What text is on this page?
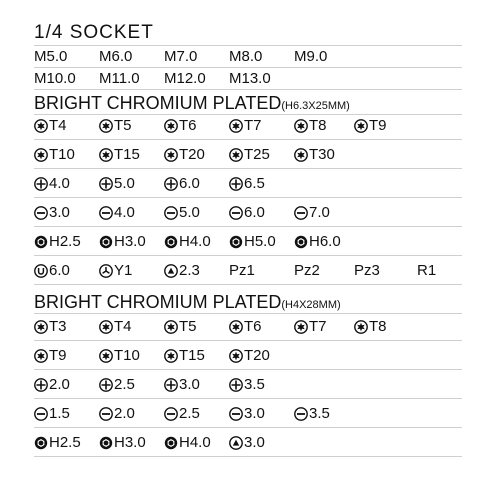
1/4 SOCKET
M5.0 M6.0 M7.0 M8.0 M9.0
M10.0 M11.0 M12.0 M13.0
BRIGHT CHROMIUM PLATED(H6.3X25MM)
T4	T5	T6	T7	T8	T9
T10	T15	T20	T25	T30
4.0	5.0	6.0	6.5
3.0	4.0	5.0	6.0	7.0
H2.5 H3.0 H4.0 H5.0 H6.0
6.0	Y1	2.3 Pz1	Pz2 Pz3 R1
BRIGHT CHROMIUM PLATED(H4X28MM)
T3	T4	T5	T6	T7	T8
T9	T10	T15	T20
2.0	2.5	3.0	3.5
1.5	2.0	2.5	3.0	3.5
H2.5 H3.0 H4.0 3.0
